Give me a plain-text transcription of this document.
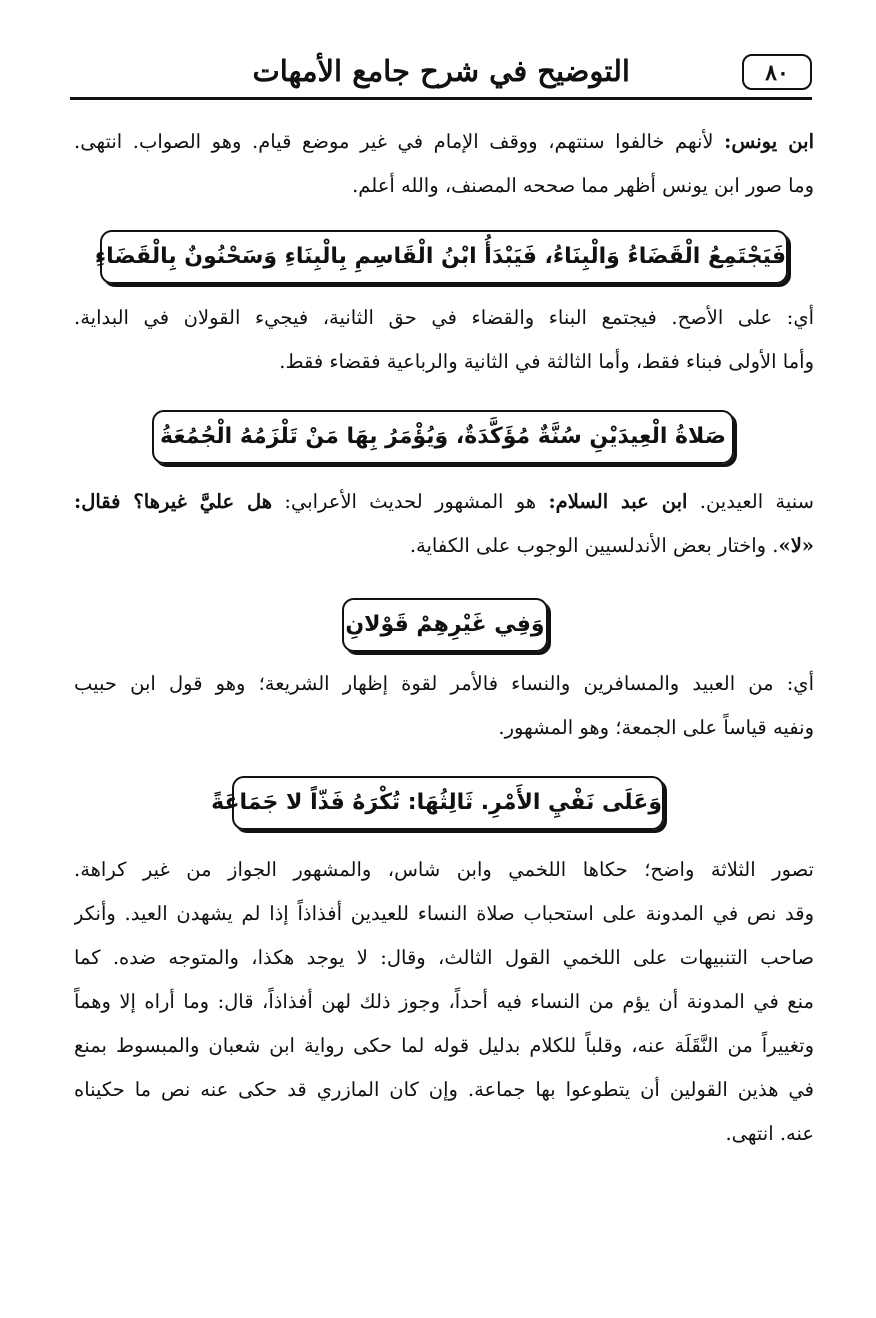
التوضيح في شرح جامع الأمهات	٨٠
ابن يونس: لأنهم خالفوا سنتهم، ووقف الإمام في غير موضع قيام. وهو الصواب. انتهى.
وما صور ابن يونس أظهر مما صححه المصنف، والله أعلم.
فَيَجْتَمِعُ الْقَضَاءُ وَالْبِنَاءُ، فَيَبْدَأُ ابْنُ الْقَاسِمِ بِالْبِنَاءِ وَسَحْنُونٌ بِالْقَضَاءِ
أي: على الأصح. فيجتمع البناء والقضاء في حق الثانية، فيجيء القولان في البداية.
وأما الأولى فبناء فقط، وأما الثالثة في الثانية والرباعية فقضاء فقط.
صَلاةُ الْعِيدَيْنِ سُنَّةٌ مُؤَكَّدَةٌ، وَيُؤْمَرُ بِهَا مَنْ تَلْزَمُهُ الْجُمُعَةُ
سنية العيدين. ابن عبد السلام: هو المشهور لحديث الأعرابي: هل عليَّ غيرها؟ فقال:
«لا». واختار بعض الأندلسيين الوجوب على الكفاية.
وَفِي غَيْرِهِمْ قَوْلانِ
أي: من العبيد والمسافرين والنساء فالأمر لقوة إظهار الشريعة؛ وهو قول ابن حبيب
ونفيه قياساً على الجمعة؛ وهو المشهور.
وَعَلَى نَفْيِ الأَمْرِ. ثَالِثُهَا: تُكْرَهُ فَذّاً لا جَمَاعَةً
تصور الثلاثة واضح؛ حكاها اللخمي وابن شاس، والمشهور الجواز من غير كراهة.
وقد نص في المدونة على استحباب صلاة النساء للعيدين أفذاذاً إذا لم يشهدن العيد. وأنكر
صاحب التنبيهات على اللخمي القول الثالث، وقال: لا يوجد هكذا، والمتوجه ضده. كما
منع في المدونة أن يؤم من النساء فيه أحداً، وجوز ذلك لهن أفذاذاً، قال: وما أراه إلا وهماً
وتغييراً من النَّقَلَة عنه، وقلباً للكلام بدليل قوله لما حكى رواية ابن شعبان والمبسوط بمنع
في هذين القولين أن يتطوعوا بها جماعة. وإن كان المازري قد حكى عنه نص ما حكيناه
عنه. انتهى.
